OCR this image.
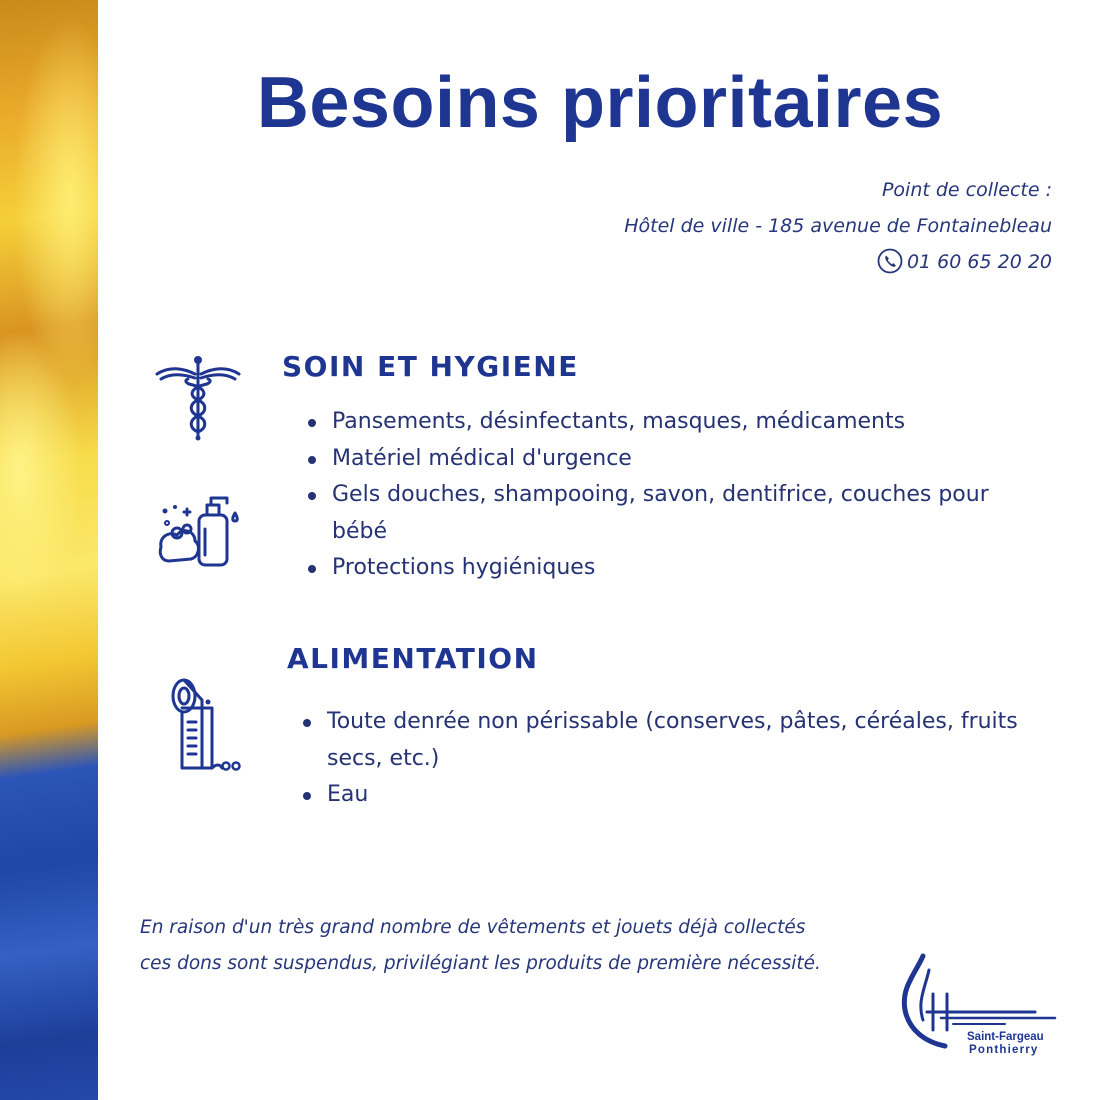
Besoins prioritaires
Point de collecte :
Hôtel de ville - 185 avenue de Fontainebleau
01 60 65 20 20
SOIN ET HYGIENE
Pansements, désinfectants, masques, médicaments
Matériel médical d'urgence
Gels douches, shampooing, savon, dentifrice, couches pour bébé
Protections hygiéniques
ALIMENTATION
Toute denrée non périssable (conserves, pâtes, céréales, fruits secs, etc.)
Eau
En raison d'un très grand nombre de vêtements et jouets déjà collectés
ces dons sont suspendus, privilégiant les produits de première nécessité.
Saint-Fargeau
Ponthierry
